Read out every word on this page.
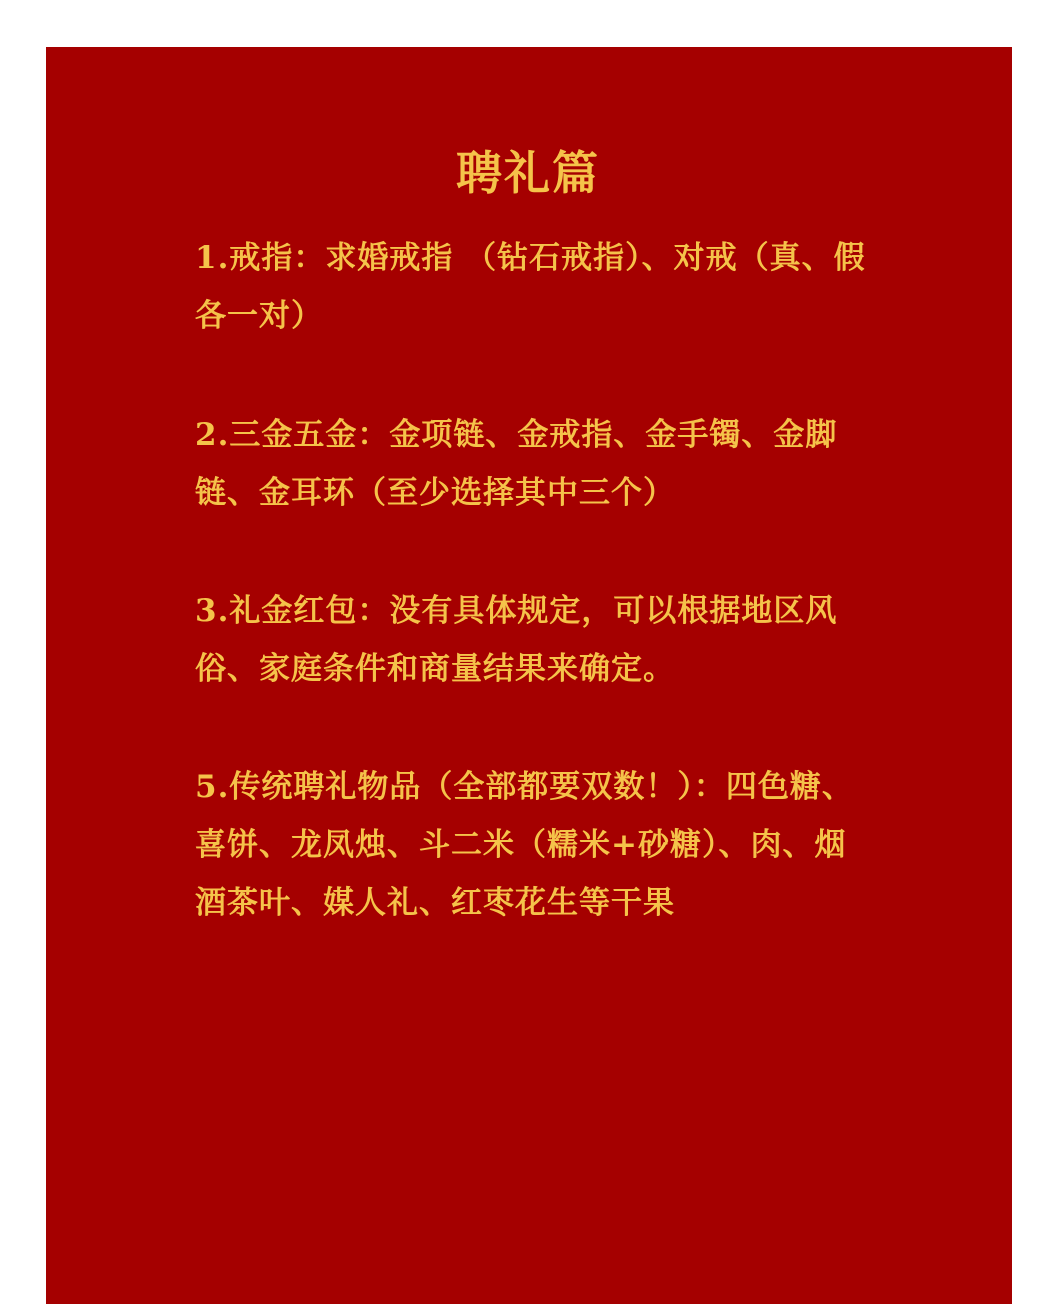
聘礼篇

1.戒指：求婚戒指 （钻石戒指）、对戒（真、假各一对）

2.三金五金：金项链、金戒指、金手镯、金脚链、金耳环（至少选择其中三个）

3.礼金红包：没有具体规定，可以根据地区风俗、家庭条件和商量结果来确定。

5.传统聘礼物品（全部都要双数！）：四色糖、喜饼、龙凤烛、斗二米（糯米+砂糖）、肉、烟酒茶叶、媒人礼、红枣花生等干果
